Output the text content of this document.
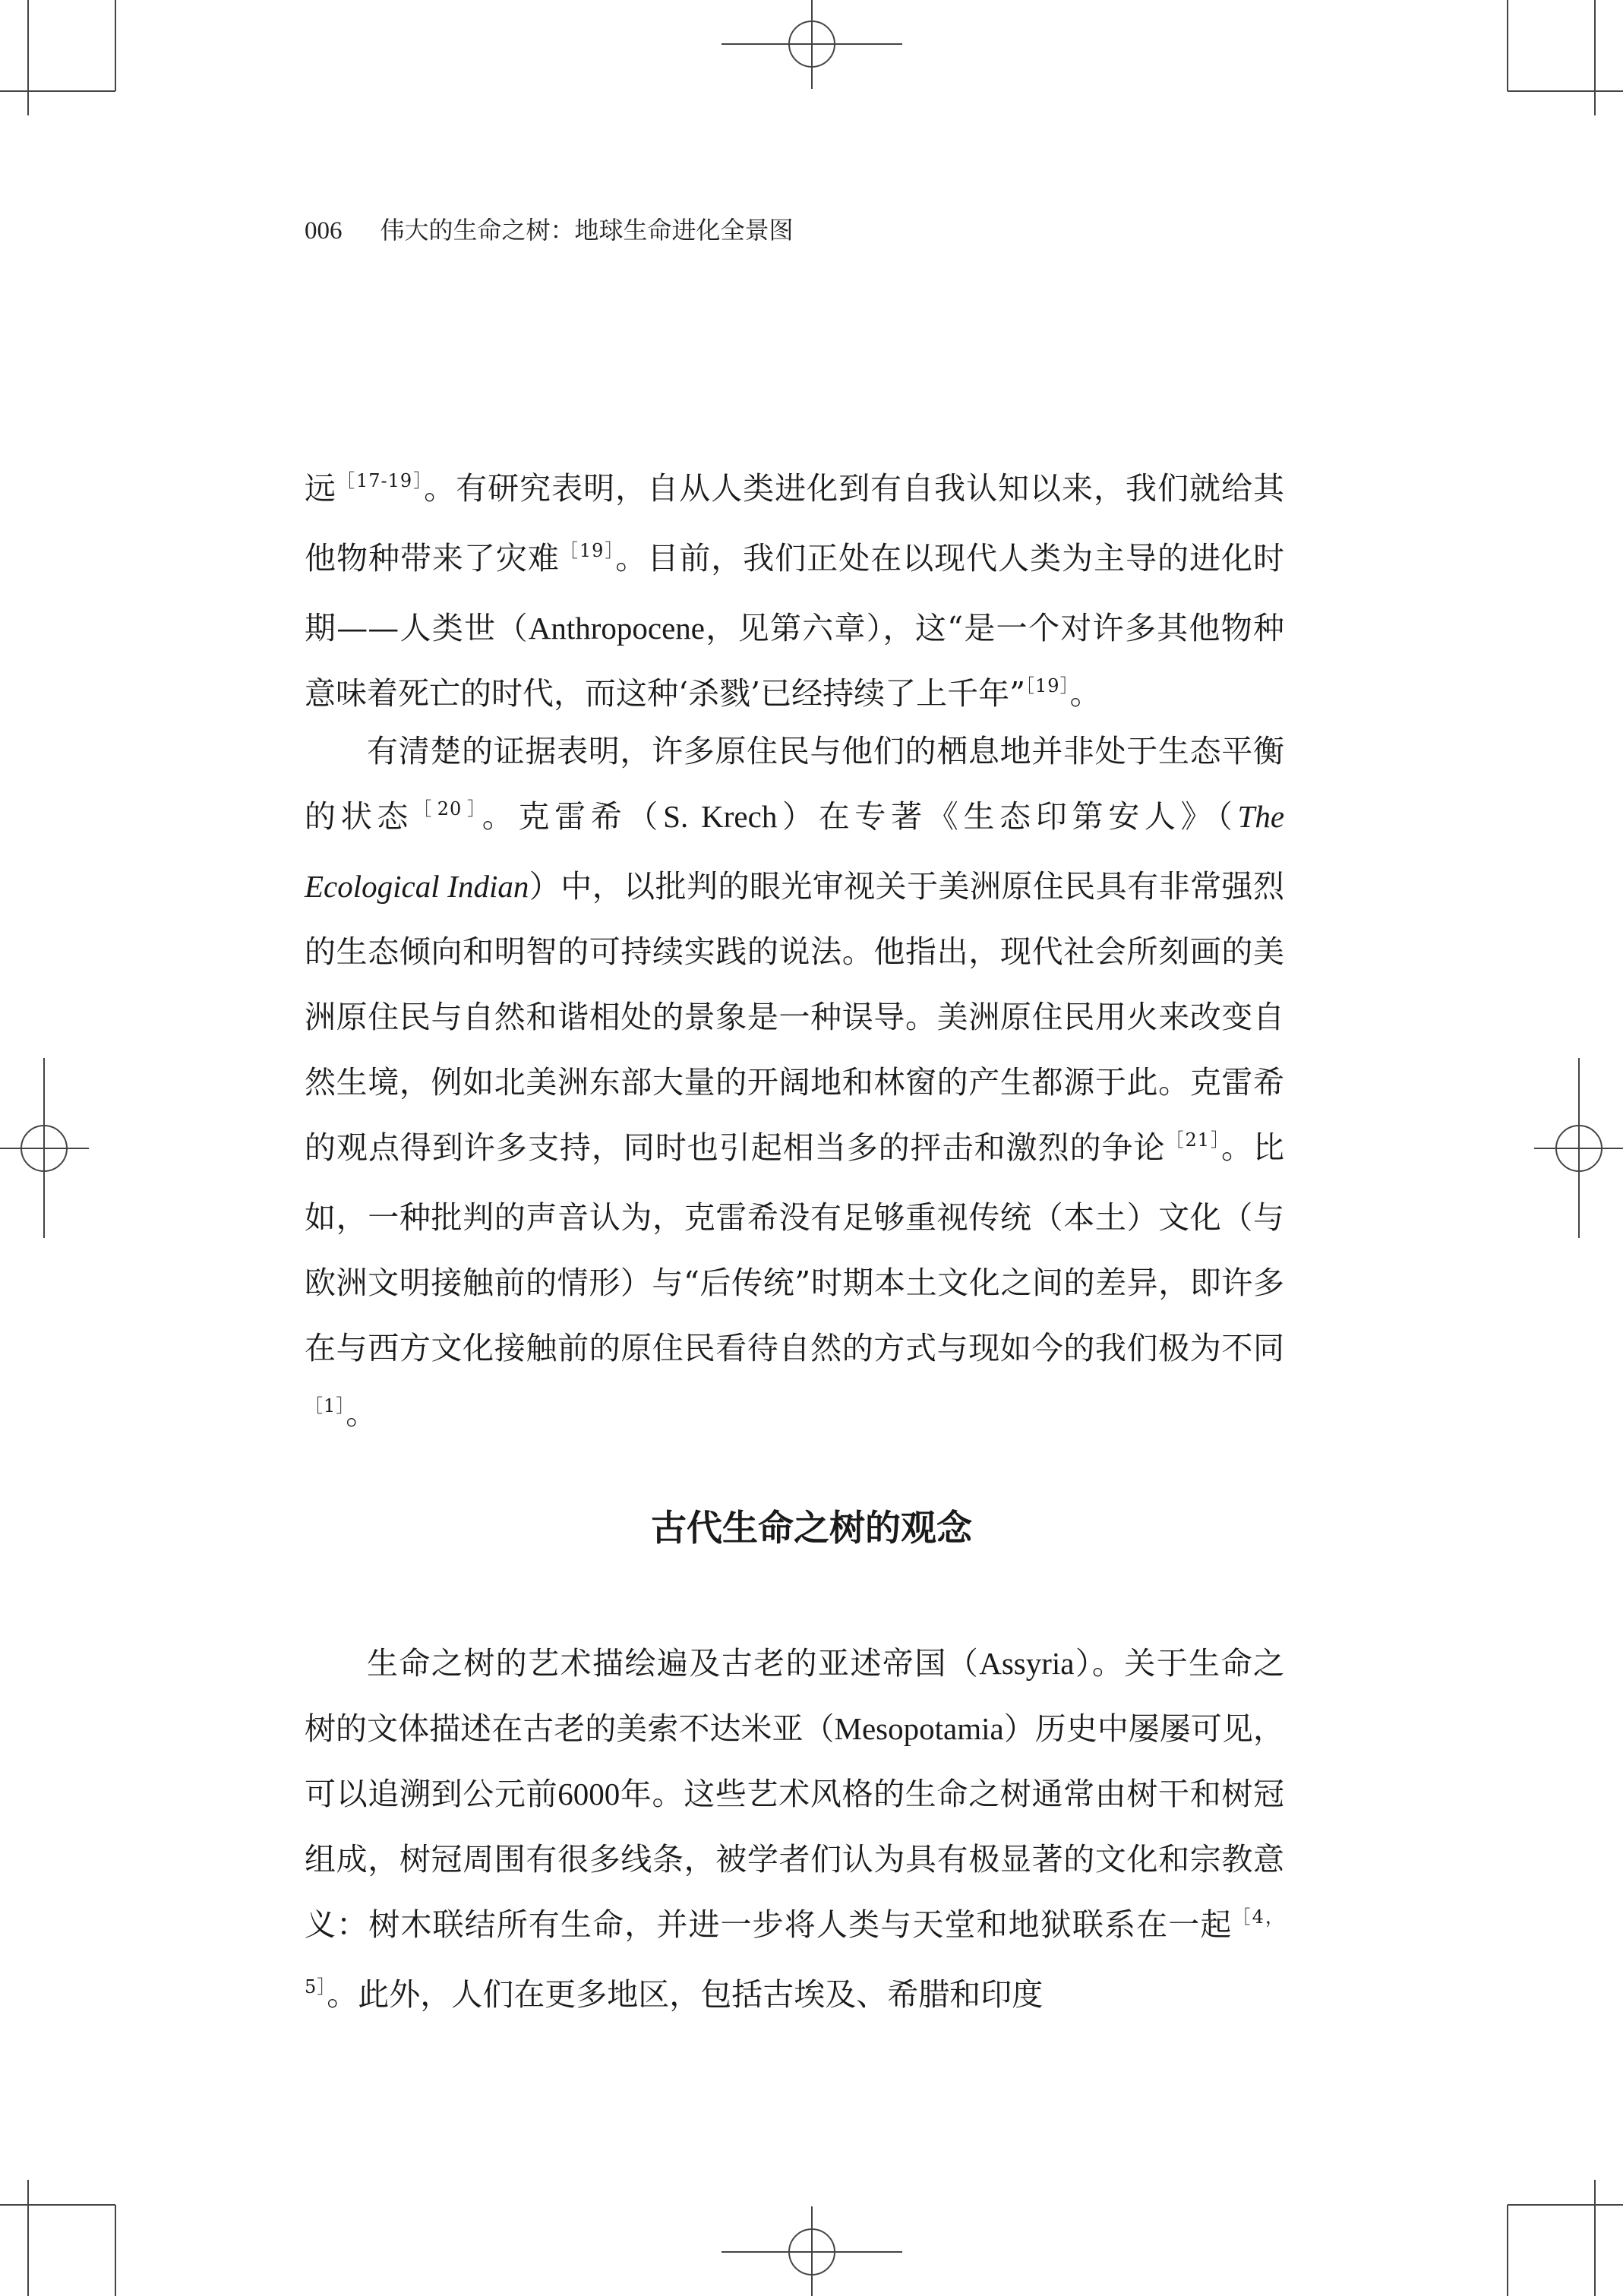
006 伟大的生命之树：地球生命进化全景图

远$^{[17-19]}$。有研究表明，自从人类进化到有自我认知以来，我们就给其他物种带来了灾难$^{[19]}$。目前，我们正处在以现代人类为主导的进化时期——人类世（Anthropocene，见第六章），这“是一个对许多其他物种意味着死亡的时代，而这种‘杀戮’已经持续了上千年”$^{[19]}$。

有清楚的证据表明，许多原住民与他们的栖息地并非处于生态平衡的状态$^{[20]}$。克雷希（S. Krech）在专著《生态印第安人》（The Ecological Indian）中，以批判的眼光审视关于美洲原住民具有非常强烈的生态倾向和明智的可持续实践的说法。他指出，现代社会所刻画的美洲原住民与自然和谐相处的景象是一种误导。美洲原住民用火来改变自然生境，例如北美洲东部大量的开阔地和林窗的产生都源于此。克雷希的观点得到许多支持，同时也引起相当多的抨击和激烈的争论$^{[21]}$。比如，一种批判的声音认为，克雷希没有足够重视传统（本土）文化（与欧洲文明接触前的情形）与“后传统”时期本土文化之间的差异，即许多在与西方文化接触前的原住民看待自然的方式与现如今的我们极为不同$^{[1]}$。

古代生命之树的观念

生命之树的艺术描绘遍及古老的亚述帝国（Assyria）。关于生命之树的文体描述在古老的美索不达米亚（Mesopotamia）历史中屡屡可见，可以追溯到公元前6000年。这些艺术风格的生命之树通常由树干和树冠组成，树冠周围有很多线条，被学者们认为具有极显著的文化和宗教意义：树木联结所有生命，并进一步将人类与天堂和地狱联系在一起$^{[4,5]}$。此外，人们在更多地区，包括古埃及、希腊和印度
